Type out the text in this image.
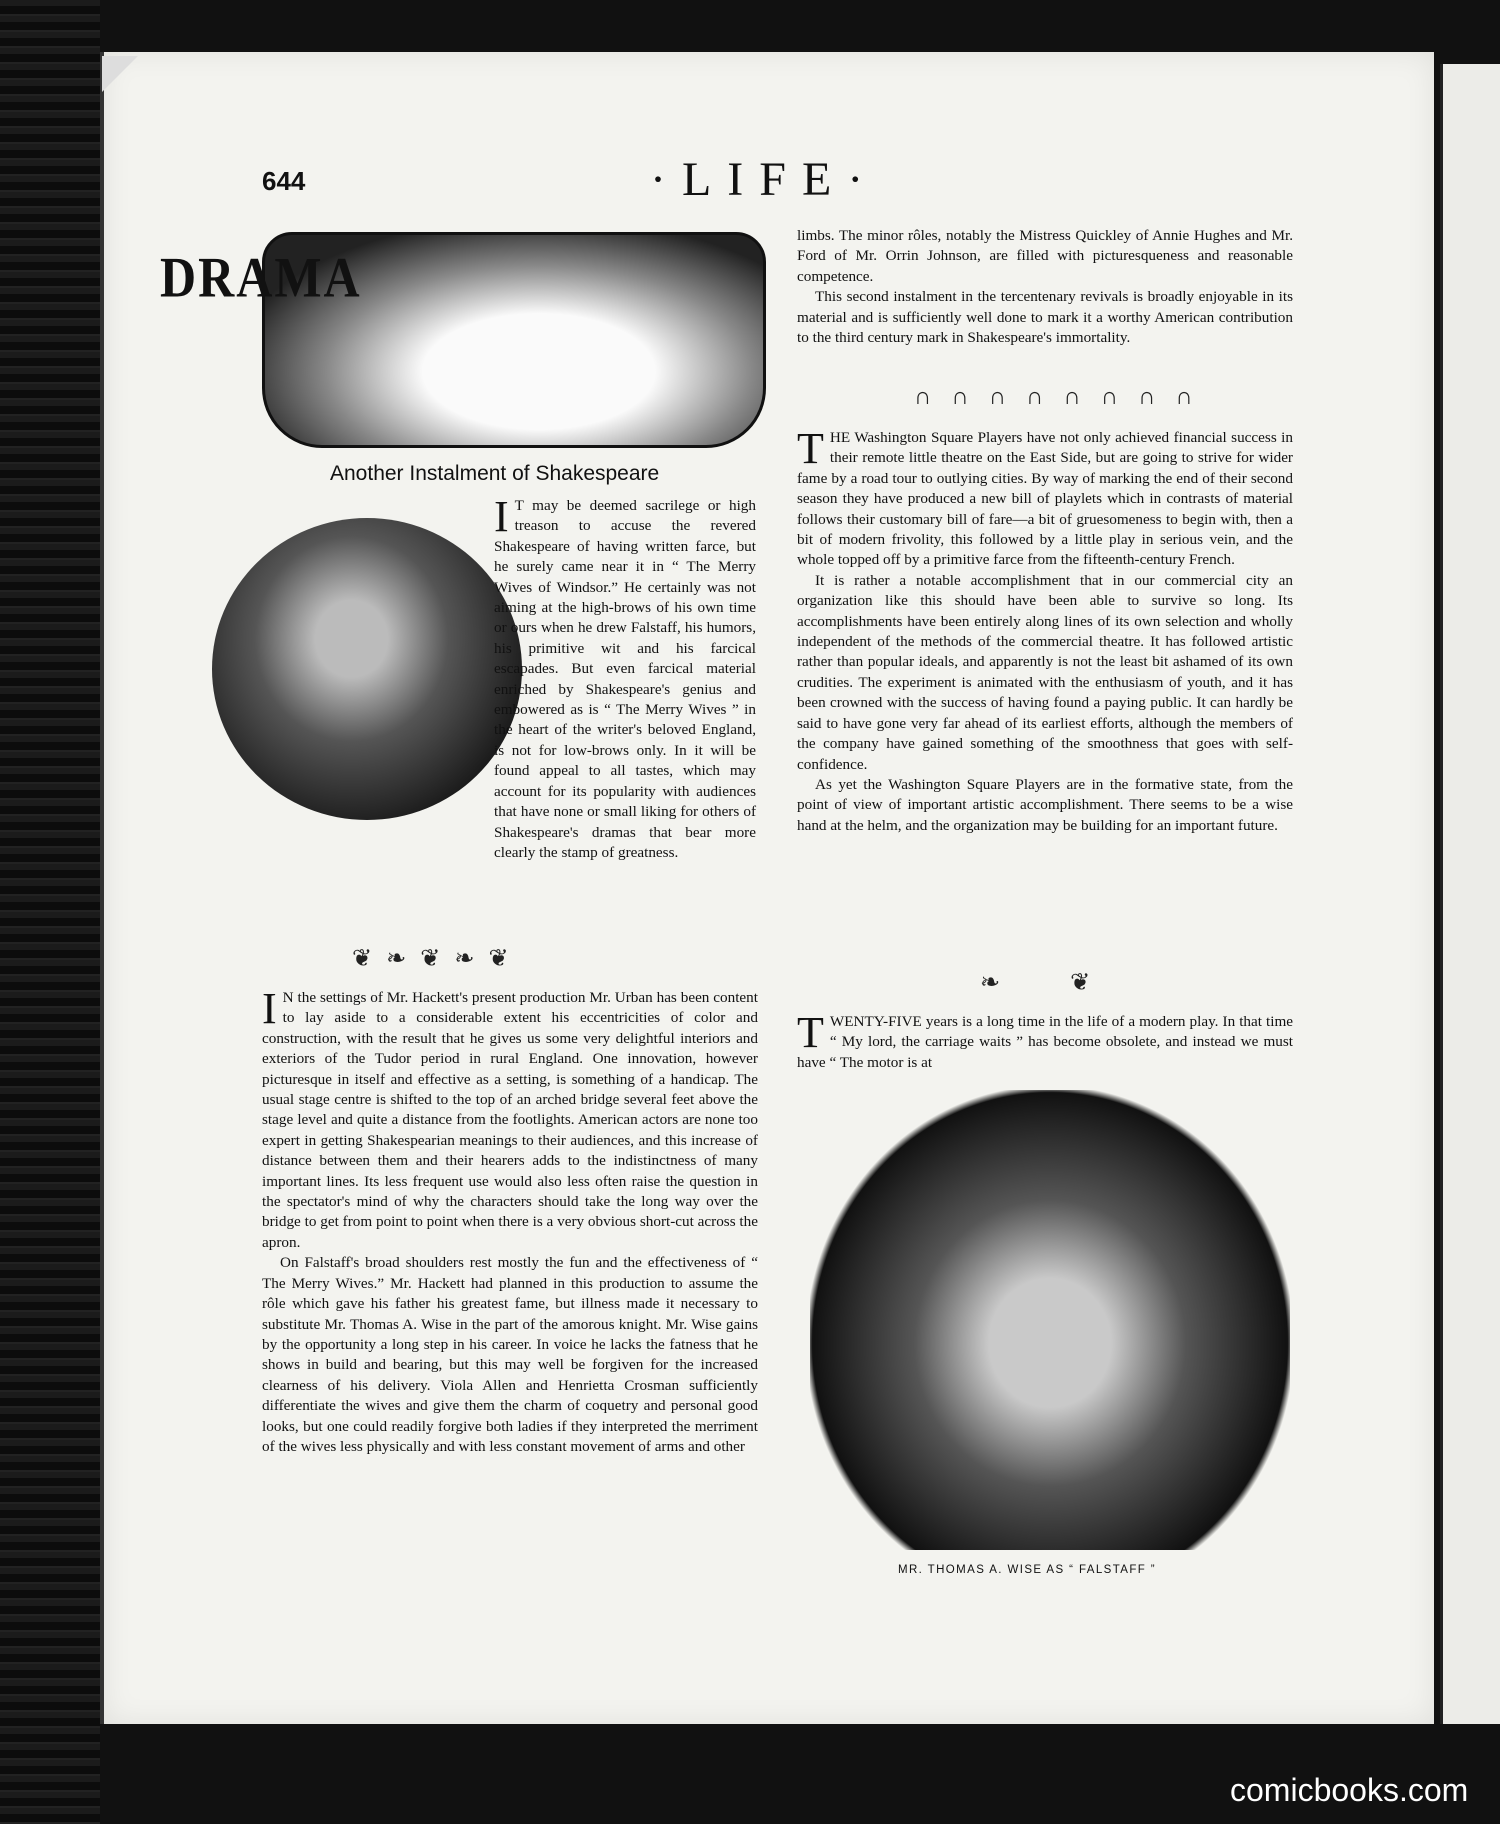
644	·LIFE·
DRAMA
Another Instalment of Shakespeare

I T may be deemed sacrilege or high treason to accuse the revered Shakespeare of having written farce, but he surely came near it in “ The Merry Wives of Windsor.” He certainly was not aiming at the high-brows of his own time or ours when he drew Falstaff, his humors, his primitive wit and his farcical escapades. But even farcical material enriched by Shakespeare's genius and embowered as is “ The Merry Wives ” in the heart of the writer's beloved England, is not for low-brows only. In it will be found appeal to all tastes, which may account for its popularity with audiences that have none or small liking for others of Shakespeare's dramas that bear more clearly the stamp of greatness.

❦ ❧ ❦ ❧ ❦

I N the settings of Mr. Hackett's present production Mr. Urban has been content to lay aside to a considerable extent his eccentricities of color and construction, with the result that he gives us some very delightful interiors and exteriors of the Tudor period in rural England. One innovation, however picturesque in itself and effective as a setting, is something of a handicap. The usual stage centre is shifted to the top of an arched bridge several feet above the stage level and quite a distance from the footlights. American actors are none too expert in getting Shakespearian meanings to their audiences, and this increase of distance between them and their hearers adds to the indistinctness of many important lines. Its less frequent use would also less often raise the question in the spectator's mind of why the characters should take the long way over the bridge to get from point to point when there is a very obvious short-cut across the apron.

On Falstaff's broad shoulders rest mostly the fun and the effectiveness of “ The Merry Wives.” Mr. Hackett had planned in this production to assume the rôle which gave his father his greatest fame, but illness made it necessary to substitute Mr. Thomas A. Wise in the part of the amorous knight. Mr. Wise gains by the opportunity a long step in his career. In voice he lacks the fatness that he shows in build and bearing, but this may well be forgiven for the increased clearness of his delivery. Viola Allen and Henrietta Crosman sufficiently differentiate the wives and give them the charm of coquetry and personal good looks, but one could readily forgive both ladies if they interpreted the merriment of the wives less physically and with less constant movement of arms and other

limbs. The minor rôles, notably the Mistress Quickley of Annie Hughes and Mr. Ford of Mr. Orrin Johnson, are filled with picturesqueness and reasonable competence.

This second instalment in the tercentenary revivals is broadly enjoyable in its material and is sufficiently well done to mark it a worthy American contribution to the third century mark in Shakespeare's immortality.

∩ ∩ ∩ ∩ ∩ ∩ ∩ ∩

T HE Washington Square Players have not only achieved financial success in their remote little theatre on the East Side, but are going to strive for wider fame by a road tour to outlying cities. By way of marking the end of their second season they have produced a new bill of playlets which in contrasts of material follows their customary bill of fare—a bit of gruesomeness to begin with, then a bit of modern frivolity, this followed by a little play in serious vein, and the whole topped off by a primitive farce from the fifteenth-century French.

It is rather a notable accomplishment that in our commercial city an organization like this should have been able to survive so long. Its accomplishments have been entirely along lines of its own selection and wholly independent of the methods of the commercial theatre. It has followed artistic rather than popular ideals, and apparently is not the least bit ashamed of its own crudities. The experiment is animated with the enthusiasm of youth, and it has been crowned with the success of having found a paying public. It can hardly be said to have gone very far ahead of its earliest efforts, although the members of the company have gained something of the smoothness that goes with self-confidence.

As yet the Washington Square Players are in the formative state, from the point of view of important artistic accomplishment. There seems to be a wise hand at the helm, and the organization may be building for an important future.

❧	❦

T WENTY-FIVE years is a long time in the life of a modern play. In that time “ My lord, the carriage waits ” has become obsolete, and instead we must have “ The motor is at

MR. THOMAS A. WISE AS “ FALSTAFF ”
comicbooks.com
